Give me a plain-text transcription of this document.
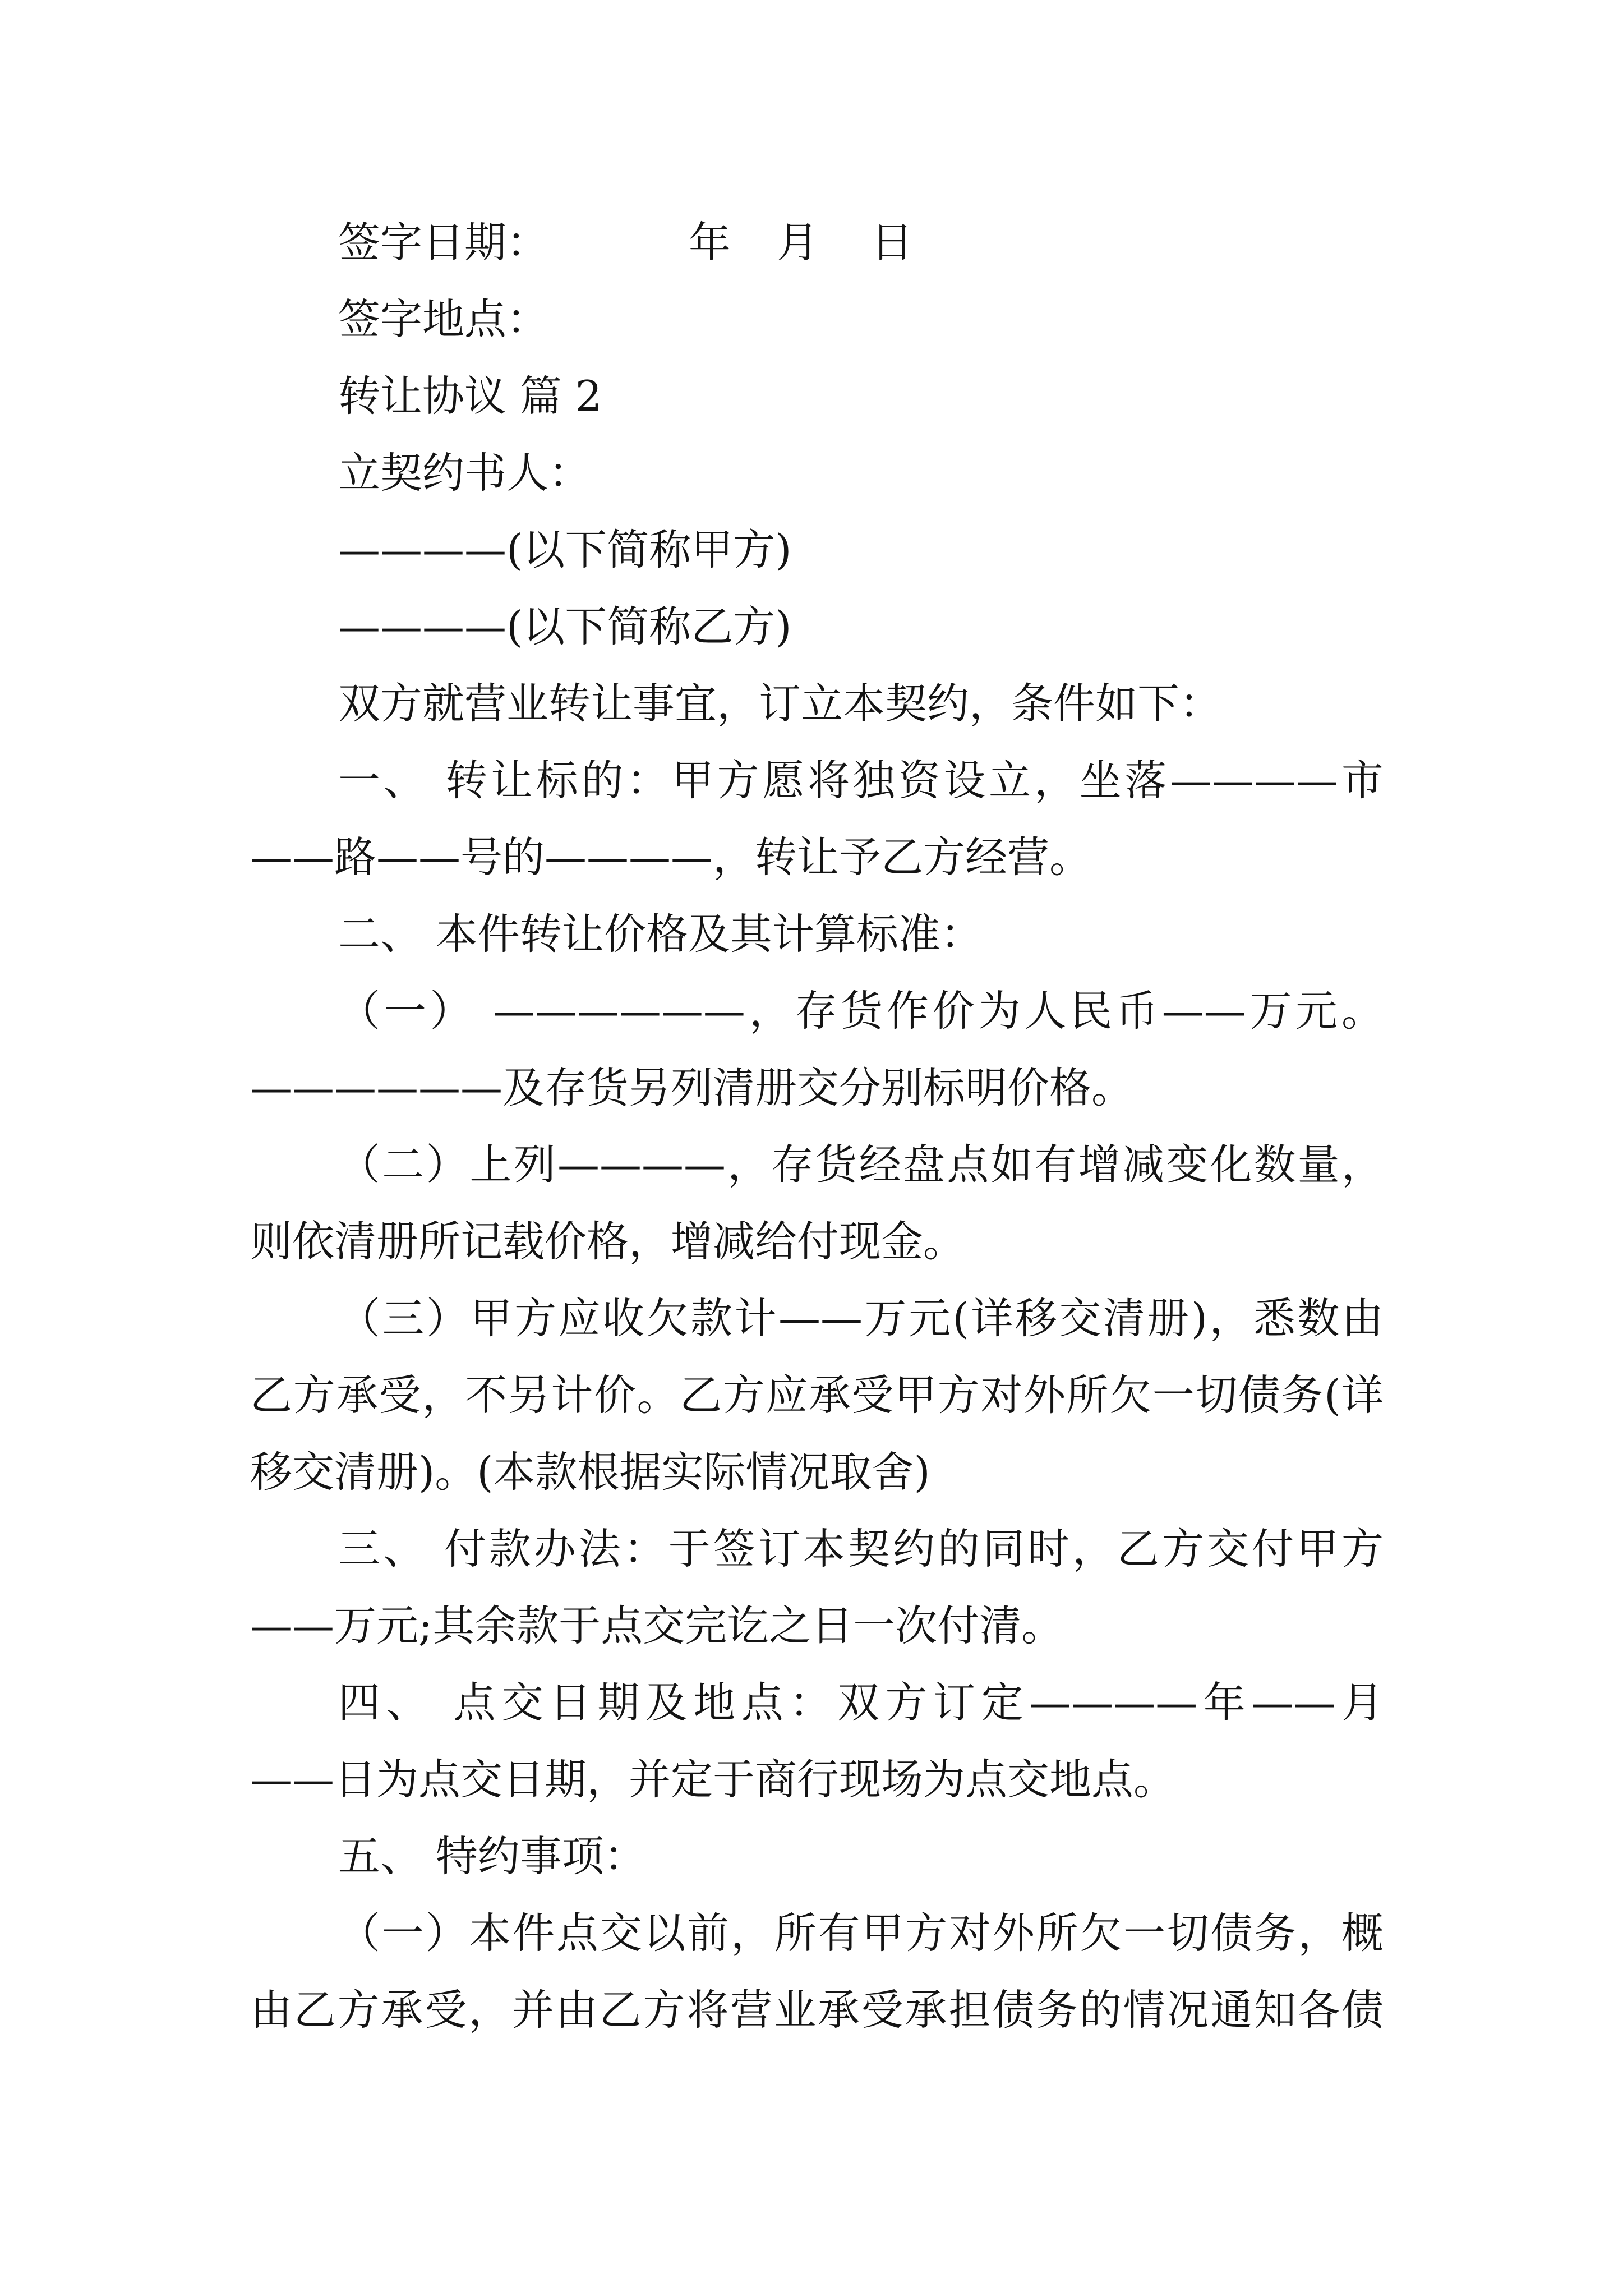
签字日期：	年 月 日
签字地点：
转让协议 篇 2
立契约书人：
————(以下简称甲方)
————(以下简称乙方)
双方就营业转让事宜，订立本契约，条件如下：
一、 转让标的：甲方愿将独资设立，坐落————市
——路——号的————，转让予乙方经营。
二、 本件转让价格及其计算标准：
（一） ——————，存货作价为人民币——万元。
——————及存货另列清册交分别标明价格。
（二）上列————，存货经盘点如有增减变化数量，
则依清册所记载价格，增减给付现金。
（三）甲方应收欠款计——万元(详移交清册)，悉数由
乙方承受，不另计价。乙方应承受甲方对外所欠一切债务(详
移交清册)。(本款根据实际情况取舍)
三、 付款办法：于签订本契约的同时，乙方交付甲方
——万元;其余款于点交完讫之日一次付清。
四、 点交日期及地点：双方订定————年——月
——日为点交日期，并定于商行现场为点交地点。
五、 特约事项：
（一）本件点交以前，所有甲方对外所欠一切债务，概
由乙方承受，并由乙方将营业承受承担债务的情况通知各债
